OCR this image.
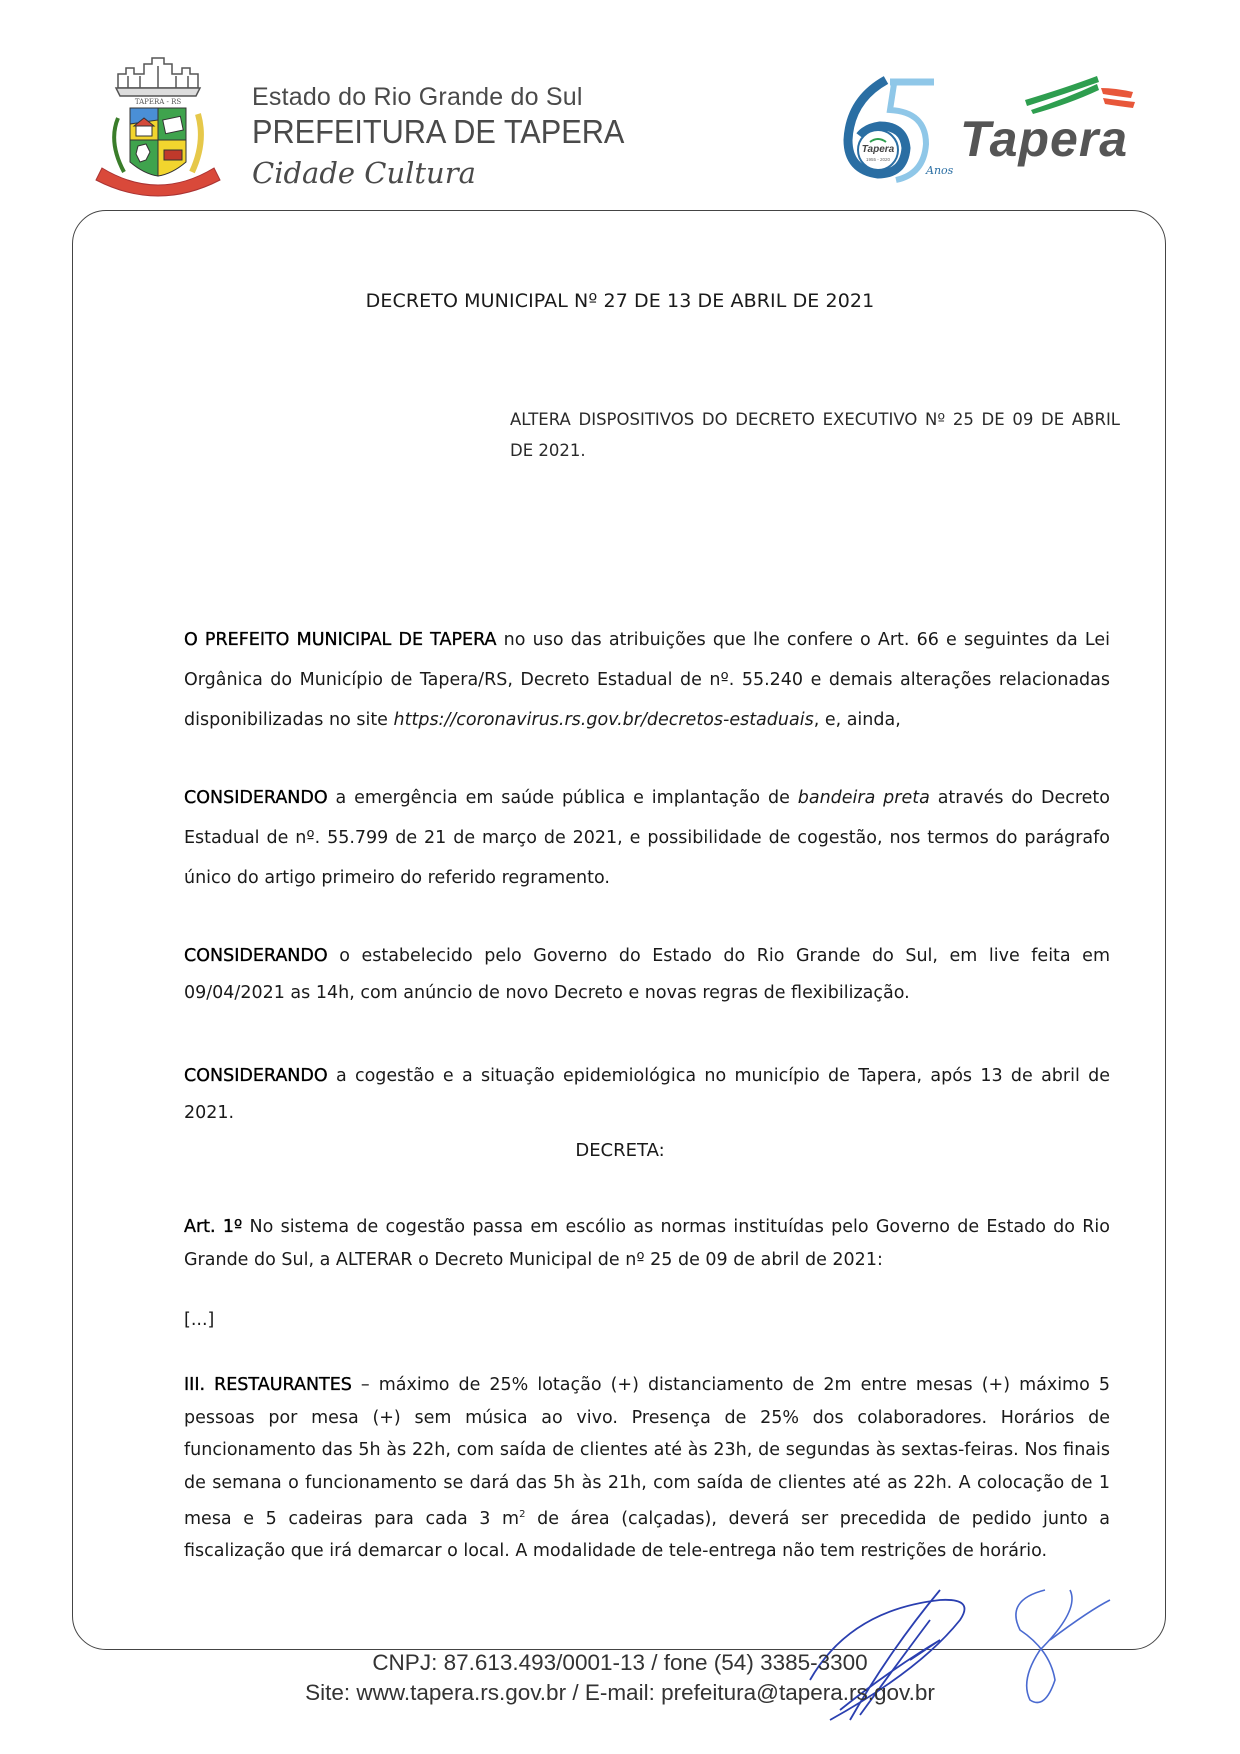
TAPERA - RS	Estado do Rio Grande do Sul
PREFEITURA DE TAPERA
Cidade Cultura
Tapera
1955 - 2020
Anos
Tapera
DECRETO MUNICIPAL Nº 27 DE 13 DE ABRIL DE 2021
ALTERA DISPOSITIVOS DO DECRETO EXECUTIVO Nº 25 DE 09 DE ABRIL DE 2021.
O PREFEITO MUNICIPAL DE TAPERA no uso das atribuições que lhe confere o Art. 66 e seguintes da Lei Orgânica do Município de Tapera/RS, Decreto Estadual de nº. 55.240 e demais alterações relacionadas disponibilizadas no site https://coronavirus.rs.gov.br/decretos-estaduais, e, ainda,
CONSIDERANDO a emergência em saúde pública e implantação de bandeira preta através do Decreto Estadual de nº. 55.799 de 21 de março de 2021, e possibilidade de cogestão, nos termos do parágrafo único do artigo primeiro do referido regramento.
CONSIDERANDO o estabelecido pelo Governo do Estado do Rio Grande do Sul, em live feita em 09/04/2021 as 14h, com anúncio de novo Decreto e novas regras de flexibilização.
CONSIDERANDO a cogestão e a situação epidemiológica no município de Tapera, após 13 de abril de 2021.
DECRETA:
Art. 1º No sistema de cogestão passa em escólio as normas instituídas pelo Governo de Estado do Rio Grande do Sul, a ALTERAR o Decreto Municipal de nº 25 de 09 de abril de 2021:
[...]
III. RESTAURANTES – máximo de 25% lotação (+) distanciamento de 2m entre mesas (+) máximo 5 pessoas por mesa (+) sem música ao vivo. Presença de 25% dos colaboradores. Horários de funcionamento das 5h às 22h, com saída de clientes até às 23h, de segundas às sextas-feiras. Nos finais de semana o funcionamento se dará das 5h às 21h, com saída de clientes até as 22h. A colocação de 1 mesa e 5 cadeiras para cada 3 $m^2$ de área (calçadas), deverá ser precedida de pedido junto a fiscalização que irá demarcar o local. A modalidade de tele-entrega não tem restrições de horário.
CNPJ: 87.613.493/0001-13 / fone (54) 3385-3300
Site: www.tapera.rs.gov.br / E-mail: prefeitura@tapera.rs.gov.br
